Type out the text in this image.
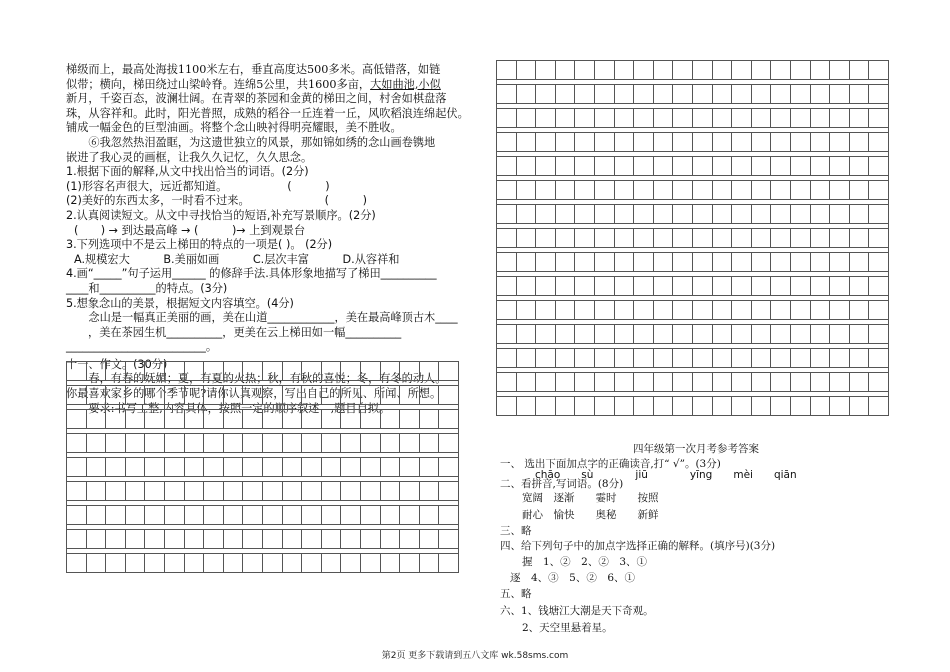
梯级而上，最高处海拔1100米左右，垂直高度达500多米。高低错落，如链

似带；横向，梯田绕过山梁岭脊。连绵5公里，共1600多亩，大如曲池,小似

新月，千姿百态，波澜壮阔。在青翠的茶园和金黄的梯田之间，村舍如棋盘落

珠，从容祥和。此时，阳光普照，成熟的稻谷一丘连着一丘，风吹稻浪连绵起伏。

铺成一幅金色的巨型油画。将整个念山映衬得明亮耀眼，美不胜收。

⑥我忽然热泪盈眶，为这遗世独立的风景，那如锦如绣的念山画卷镌地

嵌进了我心灵的画框，让我久久记忆，久久思念。

1.根据下面的解释,从文中找出恰当的词语。(2分)

(1)形容名声很大，远近都知道。	(　　　)

(2)美好的东西太多，一时看不过来。	(　　　)

2.认真阅读短文。从文中寻找恰当的短语,补充写景顺序。(2分)

(　　) → 到达最高峰 → (　　　)→ 上到观景台

3.下列选项中不是云上梯田的特点的一项是( )。 (2分)

A.规模宏大　　　B.美丽如画　　　C.层次丰富　　　D.从容祥和

4.画“_____”句子运用______ 的修辞手法.具体形象地描写了梯田__________

____和__________的特点。(3分)

5.想象念山的美景，根据短文内容填空。(4分)

念山是一幅真正美丽的画，美在山道____________，美在最高峰顶古木____

，美在茶园生机__________，更美在云上梯田如一幅__________

_________________________。

十一、作文。(30分)

春，有春的妩媚；夏，有夏的火热；秋，有秋的喜悦；冬，有冬的动人。

你最喜欢家乡的哪个季节呢?请你认真观察，写出自己的所见、所闻、所想。

要求:书写工整,内容具体，按照一定的顺序叙述　,题目自拟。

四年级第一次月考参考答案
一、 选出下面加点字的正确读音,打“ √”。(3分)
chāo　　sù　　　　jiū　　　　yīng　　mèi　　qiān
二、看拼音,写词语。(8分)
宽阔　逐渐　　霎时　　按照
耐心　愉快　　奥秘　　新鲜
三、略
四、给下列句子中的加点字选择正确的解释。(填序号)(3分)
握　1、②　2、②　3、①
逐　4、③　5、②　6、①
五、略
六、1、钱塘江大潮是天下奇观。
2、天空里悬着星。
第2页 更多下载请到五八文库 wk.58sms.com
